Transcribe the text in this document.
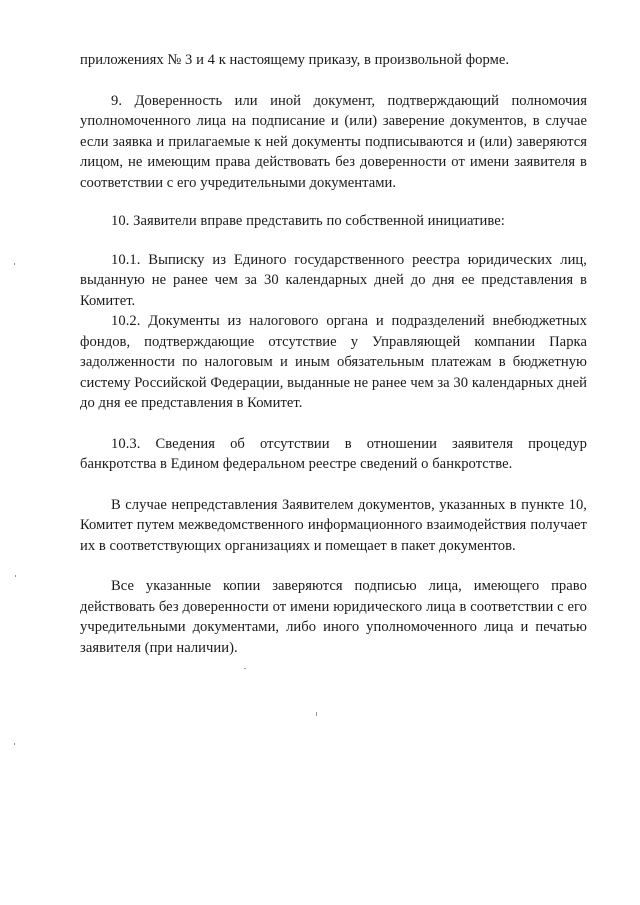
приложениях № 3 и 4 к настоящему приказу, в произвольной форме.

9. Доверенность или иной документ, подтверждающий полномочия уполномоченного лица на подписание и (или) заверение документов, в случае если заявка и прилагаемые к ней документы подписываются и (или) заверяются лицом, не имеющим права действовать без доверенности от имени заявителя в соответствии с его учредительными документами.

10. Заявители вправе представить по собственной инициативе:

10.1. Выписку из Единого государственного реестра юридических лиц, выданную не ранее чем за 30 календарных дней до дня ее представления в Комитет.

10.2. Документы из налогового органа и подразделений внебюджетных фондов, подтверждающие отсутствие у Управляющей компании Парка задолженности по налоговым и иным обязательным платежам в бюджетную систему Российской Федерации, выданные не ранее чем за 30 календарных дней до дня ее представления в Комитет.

10.3. Сведения об отсутствии в отношении заявителя процедур банкротства в Едином федеральном реестре сведений о банкротстве.

В случае непредставления Заявителем документов, указанных в пункте 10, Комитет путем межведомственного информационного взаимодействия получает их в соответствующих организациях и помещает в пакет документов.

Все указанные копии заверяются подписью лица, имеющего право действовать без доверенности от имени юридического лица в соответствии с его учредительными документами, либо иного уполномоченного лица и печатью заявителя (при наличии).
